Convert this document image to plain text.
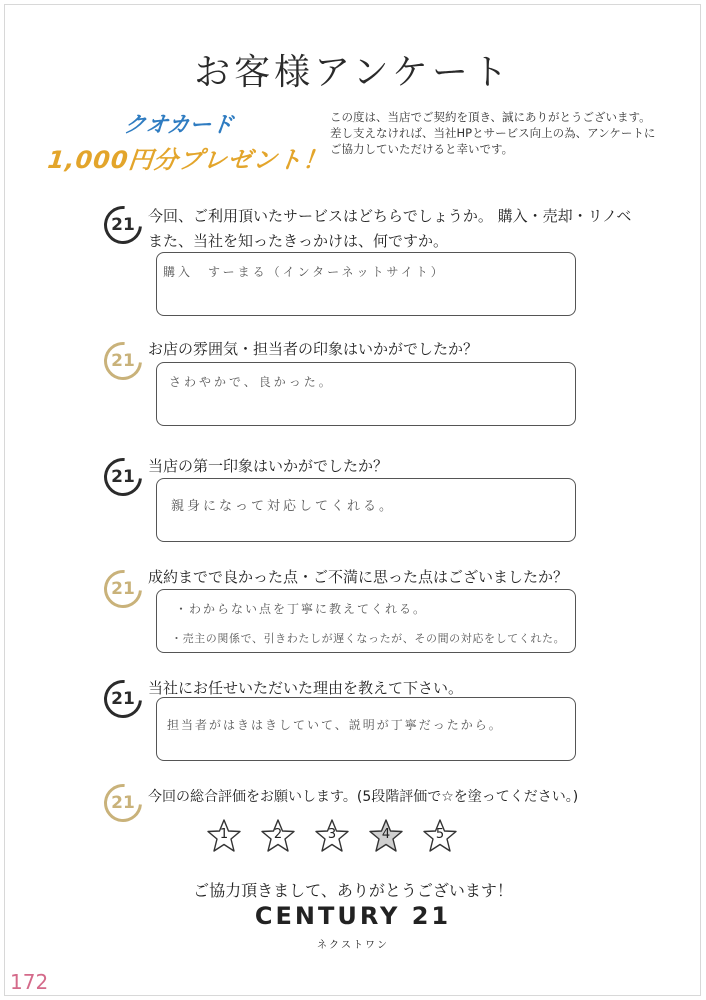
お客様アンケート
クオカード
1,000円分プレゼント！
この度は、当店でご契約を頂き、誠にありがとうございます。
差し支えなければ、当社HPとサービス向上の為、アンケートに
ご協力していただけると幸いです。
21 今回、ご利用頂いたサービスはどちらでしょうか。 購入・売却・リノベ
また、当社を知ったきっかけは、何ですか。
購入　すーまる（インターネットサイト）
21
お店の雰囲気・担当者の印象はいかがでしたか？
さわやかで、良かった。
21
当店の第一印象はいかがでしたか？
親身になって対応してくれる。
21
成約までで良かった点・ご不満に思った点はございましたか？
・わからない点を丁寧に教えてくれる。
・売主の関係で、引きわたしが遅くなったが、その間の対応をしてくれた。
21
当社にお任せいただいた理由を教えて下さい。
担当者がはきはきしていて、説明が丁寧だったから。
21 今回の総合評価をお願いします。(5段階評価で☆を塗ってください。)
1	2	3	4	5
ご協力頂きまして、ありがとうございます！
CENTURY 21
ネクストワン
172
